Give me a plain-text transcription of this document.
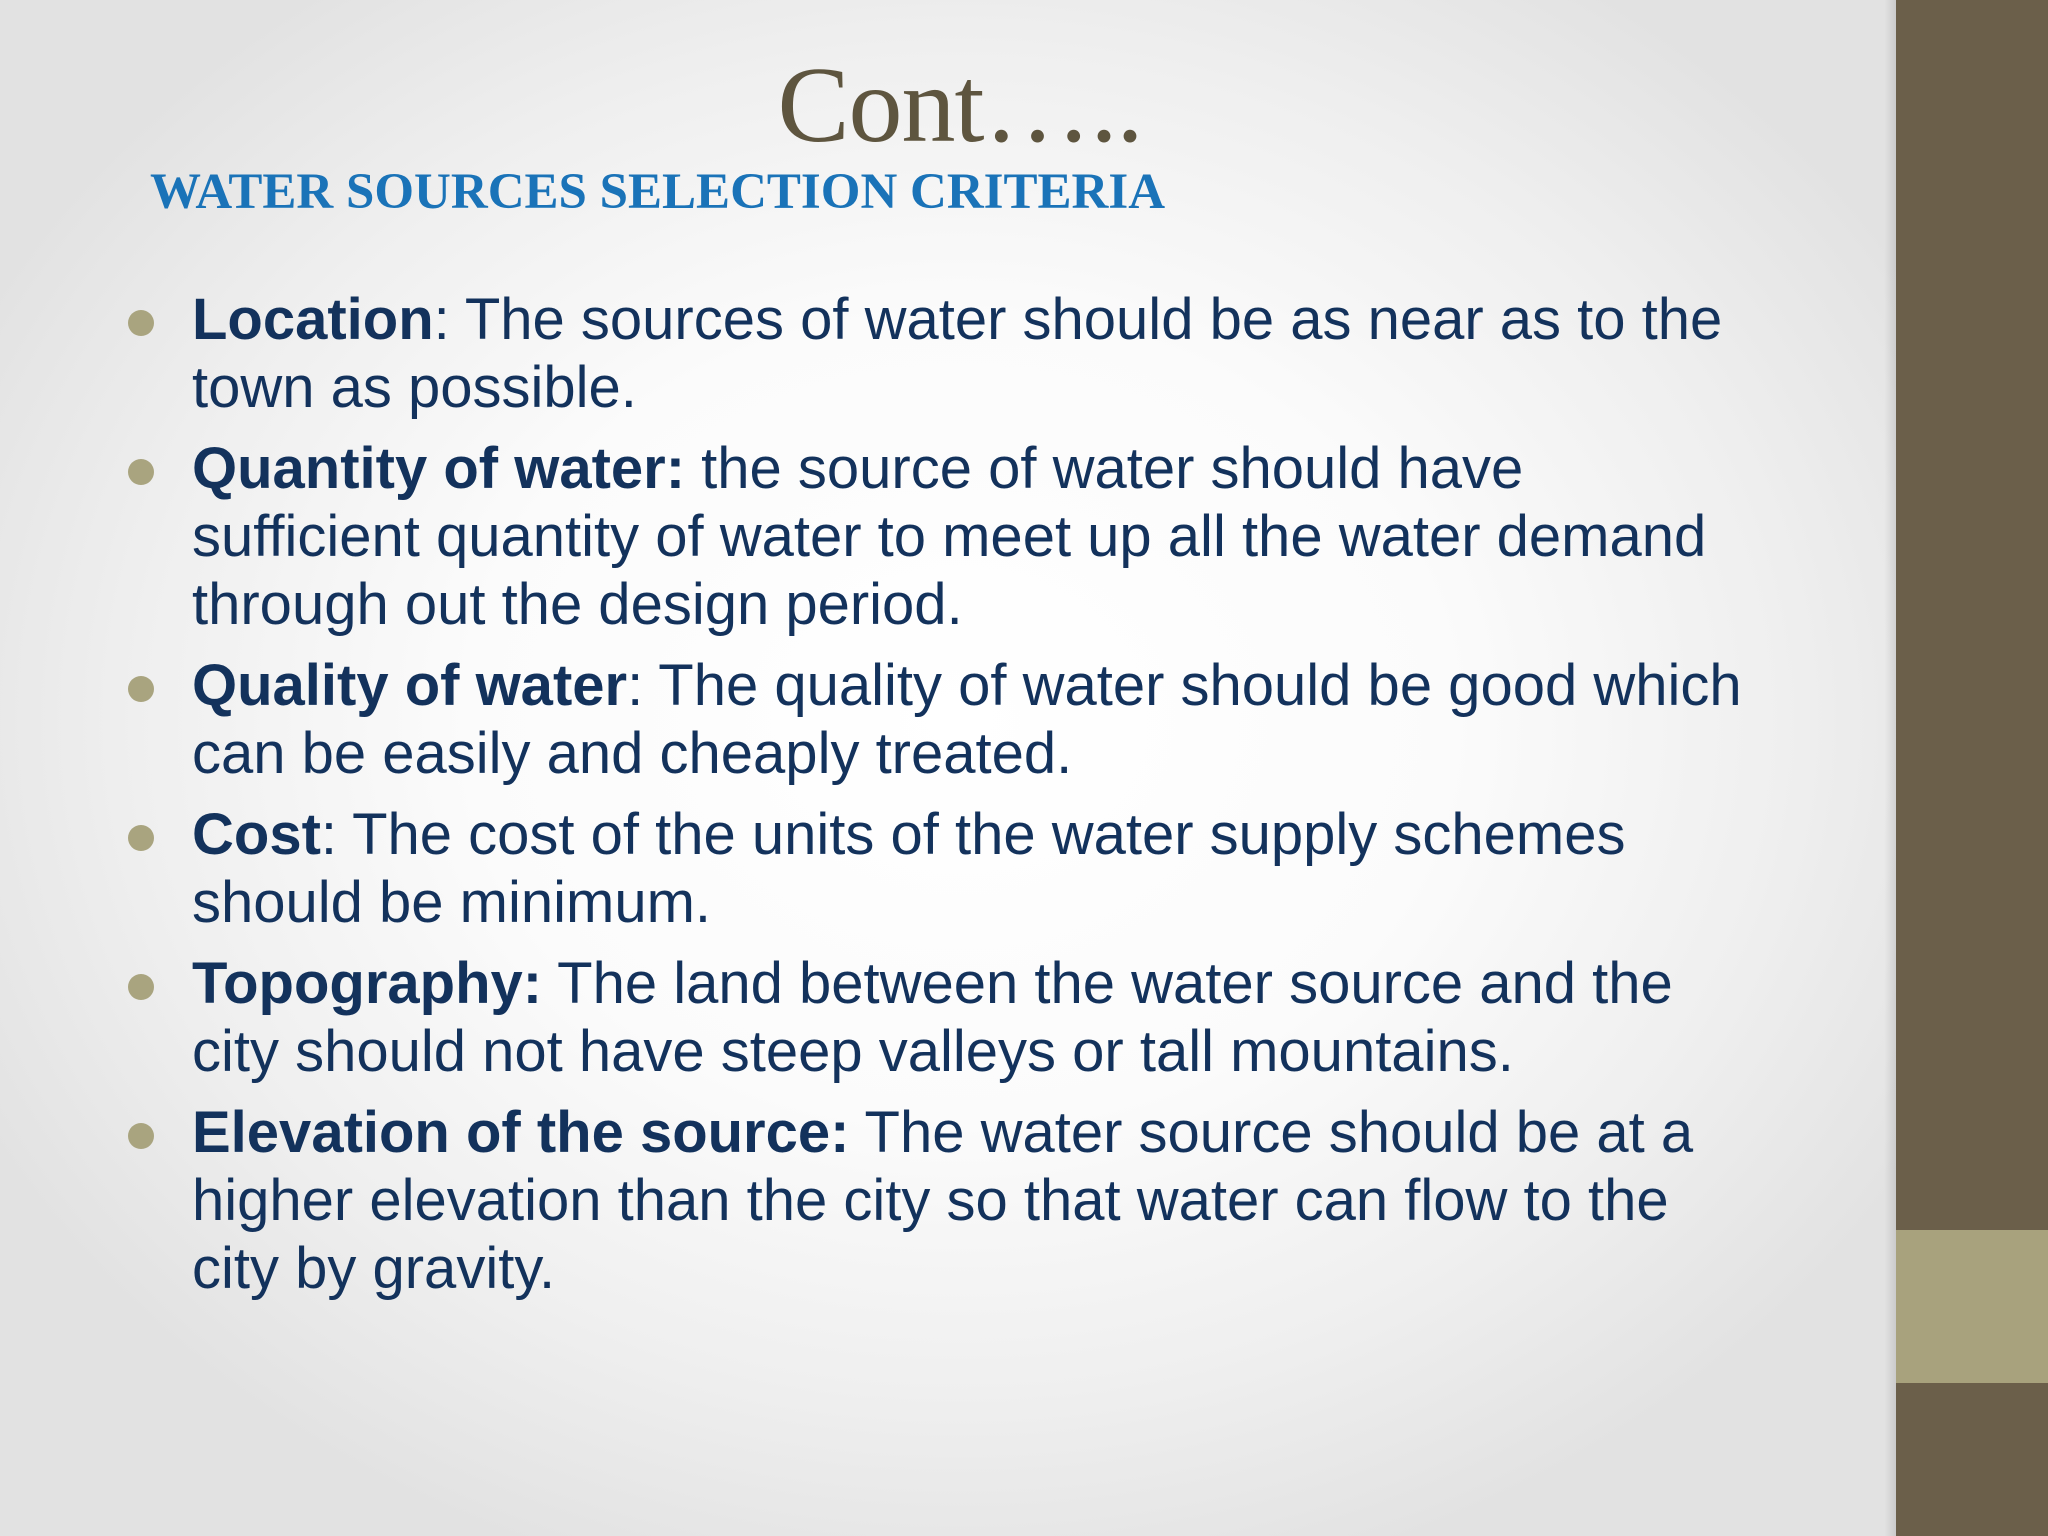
Cont…..
WATER SOURCES SELECTION CRITERIA
Location: The sources of water should be as near as to the town as possible.
Quantity of water: the source of water should have sufficient quantity of water to meet up all the water demand through out the design period.
Quality of water: The quality of water should be good which can be easily and cheaply treated.
Cost: The cost of the units of the water supply schemes should be minimum.
Topography: The land between the water source and the city should not have steep valleys or tall mountains.
Elevation of the source: The water source should be at a higher elevation than the city so that water can flow to the city by gravity.
